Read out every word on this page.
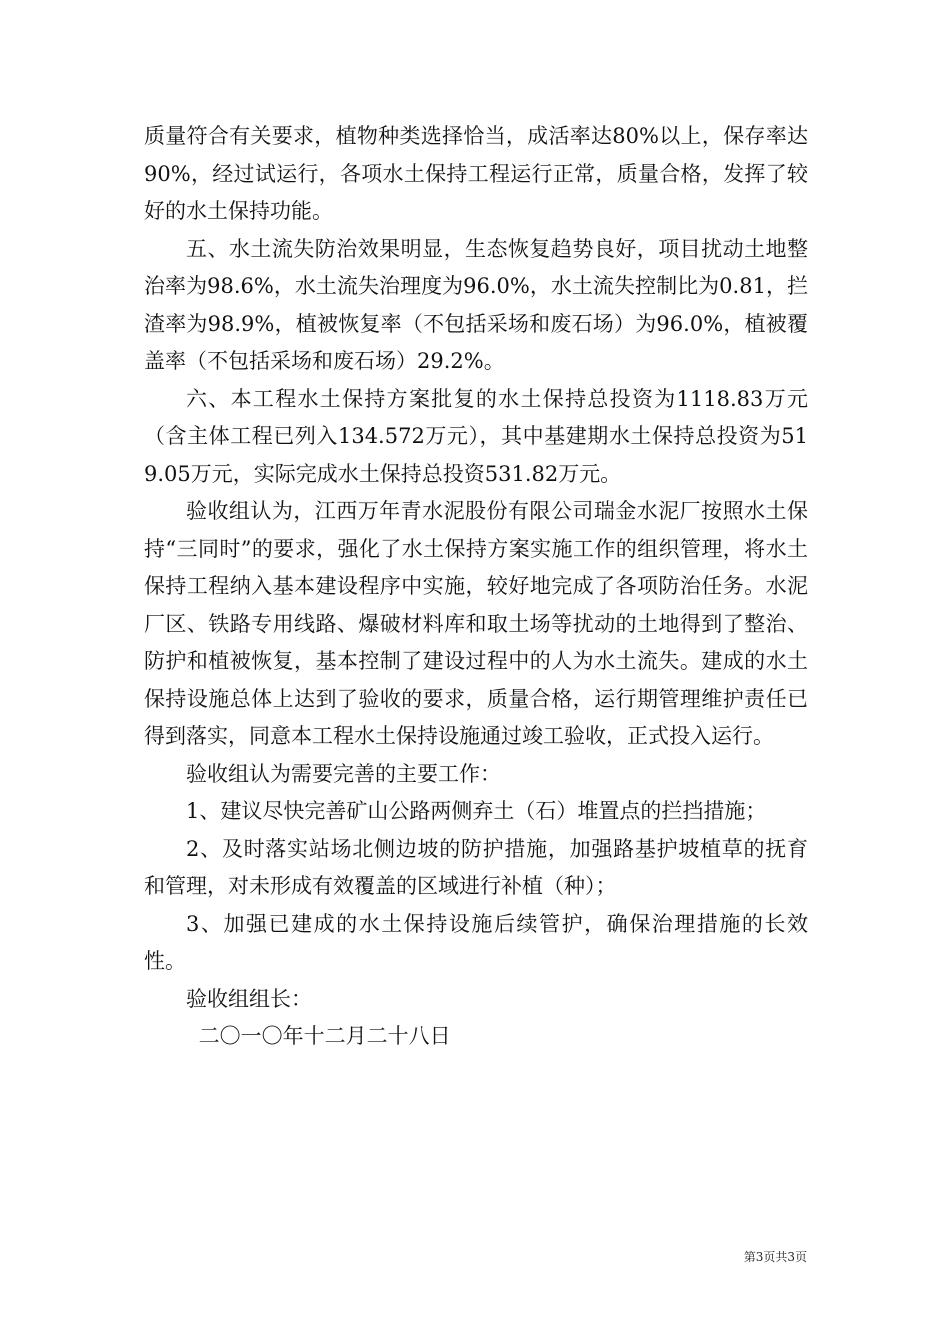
质量符合有关要求，植物种类选择恰当，成活率达80%以上，保存率达90%，经过试运行，各项水土保持工程运行正常，质量合格，发挥了较好的水土保持功能。

五、水土流失防治效果明显，生态恢复趋势良好，项目扰动土地整治率为98.6%，水土流失治理度为96.0%，水土流失控制比为0.81，拦渣率为98.9%，植被恢复率（不包括采场和废石场）为96.0%，植被覆盖率（不包括采场和废石场）29.2%。

六、本工程水土保持方案批复的水土保持总投资为1118.83万元（含主体工程已列入134.572万元），其中基建期水土保持总投资为519.05万元，实际完成水土保持总投资531.82万元。

验收组认为，江西万年青水泥股份有限公司瑞金水泥厂按照水土保持“三同时”的要求，强化了水土保持方案实施工作的组织管理，将水土保持工程纳入基本建设程序中实施，较好地完成了各项防治任务。水泥厂区、铁路专用线路、爆破材料库和取土场等扰动的土地得到了整治、防护和植被恢复，基本控制了建设过程中的人为水土流失。建成的水土保持设施总体上达到了验收的要求，质量合格，运行期管理维护责任已得到落实，同意本工程水土保持设施通过竣工验收，正式投入运行。

验收组认为需要完善的主要工作：

1、建议尽快完善矿山公路两侧弃土（石）堆置点的拦挡措施；

2、及时落实站场北侧边坡的防护措施，加强路基护坡植草的抚育和管理，对未形成有效覆盖的区域进行补植（种）；

3、加强已建成的水土保持设施后续管护，确保治理措施的长效性。

验收组组长：

二〇一〇年十二月二十八日

第3页共3页
